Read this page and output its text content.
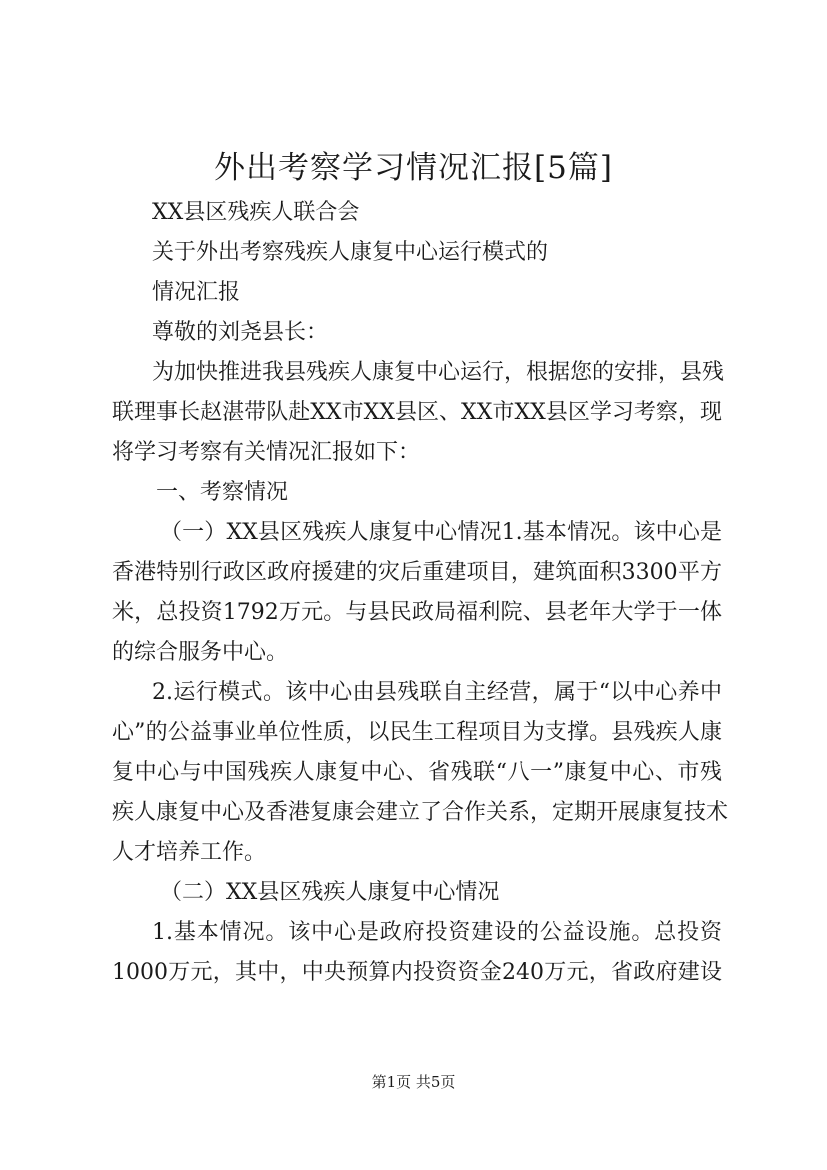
外出考察学习情况汇报[5篇]
XX县区残疾人联合会
关于外出考察残疾人康复中心运行模式的
情况汇报
尊敬的刘尧县长：
为加快推进我县残疾人康复中心运行，根据您的安排，县残
联理事长赵湛带队赴XX市XX县区、XX市XX县区学习考察，现
将学习考察有关情况汇报如下：
一、考察情况
（一）XX县区残疾人康复中心情况1.基本情况。该中心是
香港特别行政区政府援建的灾后重建项目，建筑面积3300平方
米，总投资1792万元。与县民政局福利院、县老年大学于一体
的综合服务中心。
2.运行模式。该中心由县残联自主经营，属于“以中心养中
心”的公益事业单位性质，以民生工程项目为支撑。县残疾人康
复中心与中国残疾人康复中心、省残联“八一”康复中心、市残
疾人康复中心及香港复康会建立了合作关系，定期开展康复技术
人才培养工作。
（二）XX县区残疾人康复中心情况
1.基本情况。该中心是政府投资建设的公益设施。总投资
1000万元，其中，中央预算内投资资金240万元，省政府建设
第1页 共5页
